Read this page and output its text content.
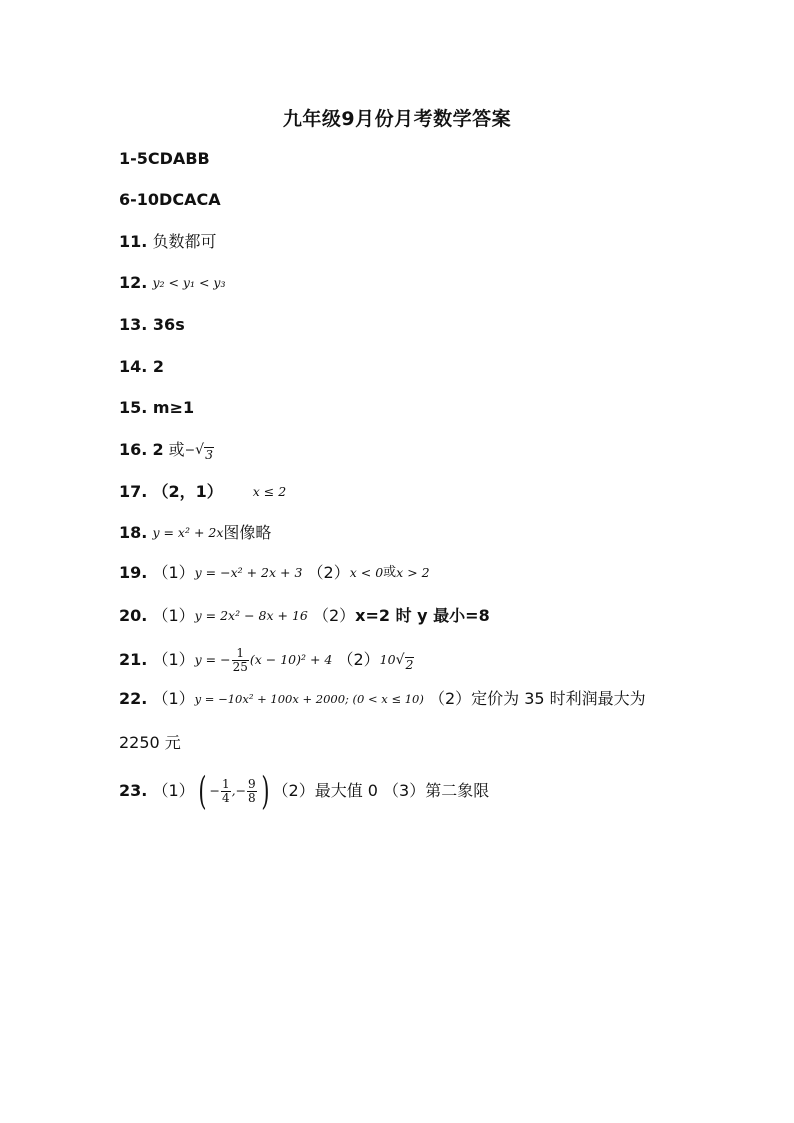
九年级9月份月考数学答案
1-5CDABB
6-10DCACA
11.
负数都可
12.
y₂ < y₁ < y₃
13.
36s
14.
2
15.
m≥1
16.
2
或 − √ 3
17.
（2，1） x ≤ 2
18.
y = x² + 2x 图像略
19.
（1） y = −x² + 2x + 3
（2） x < 0 或 x > 2
20.
（1） y = 2x² − 8x + 16
（2） x=2 时 y 最小=8
21.
（1） y = − $\frac{1}{25} (x - 10)^2 + 4$
（2） 10 √ 2
22.
（1） y = −10x² + 100x + 2000; (0 < x ≤ 10)
（2）定价为 35 时利润最大为
2250 元
23.
（1） ( − $\frac{1}{4}$ , − $\frac{9}{8}$ ) （2）最大值 0 （3）第二象限
